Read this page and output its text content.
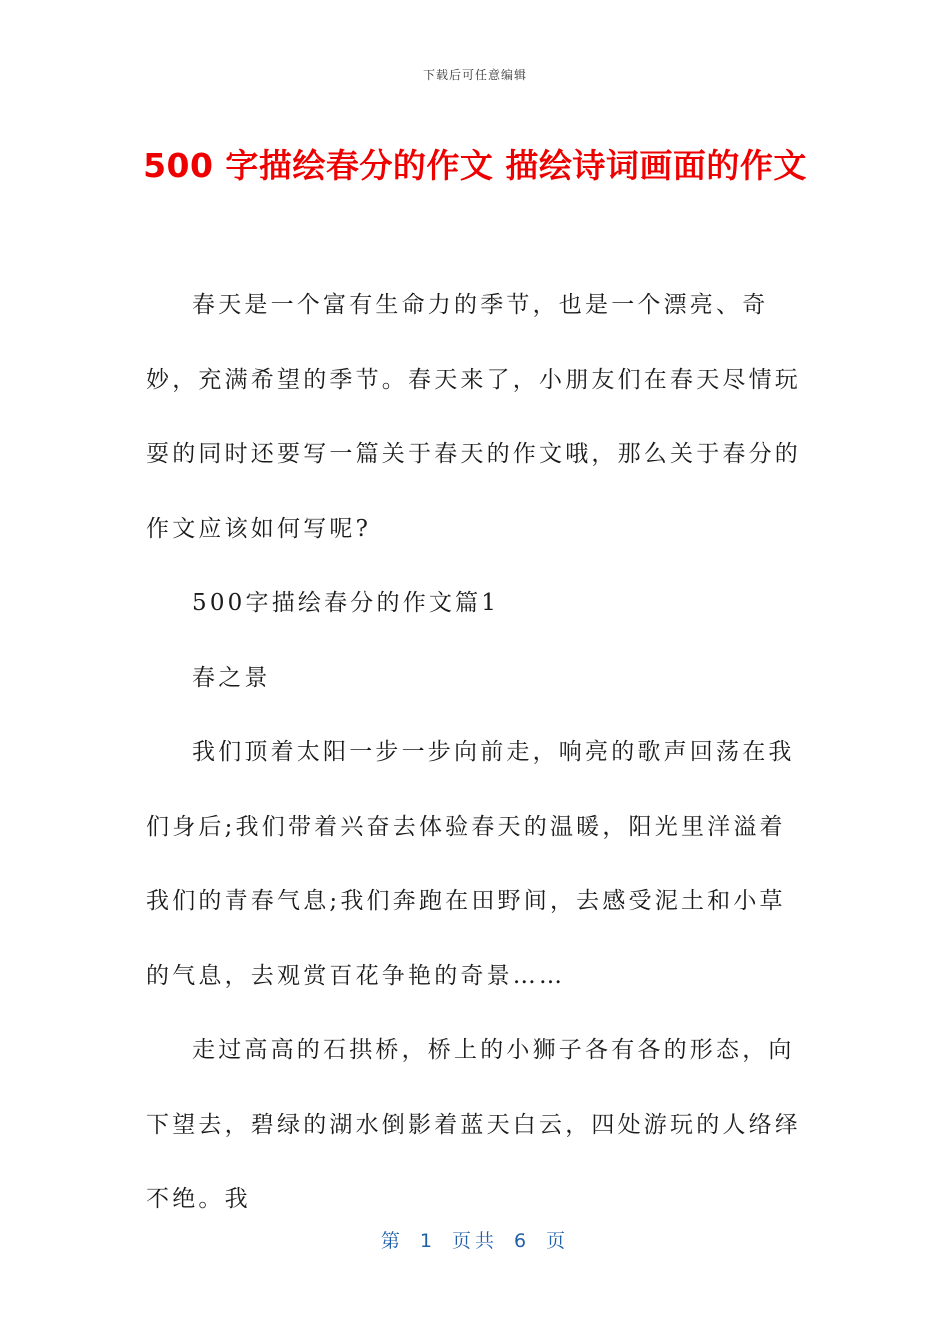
下载后可任意编辑
500 字描绘春分的作文 描绘诗词画面的作文

春天是一个富有生命力的季节，也是一个漂亮、奇妙，充满希望的季节。春天来了，小朋友们在春天尽情玩耍的同时还要写一篇关于春天的作文哦，那么关于春分的作文应该如何写呢?

500字描绘春分的作文篇1

春之景

我们顶着太阳一步一步向前走，响亮的歌声回荡在我们身后;我们带着兴奋去体验春天的温暖，阳光里洋溢着我们的青春气息;我们奔跑在田野间，去感受泥土和小草的气息，去观赏百花争艳的奇景……

走过高高的石拱桥，桥上的小狮子各有各的形态，向下望去，碧绿的湖水倒影着蓝天白云，四处游玩的人络绎不绝。我

第 1 页共 6 页
